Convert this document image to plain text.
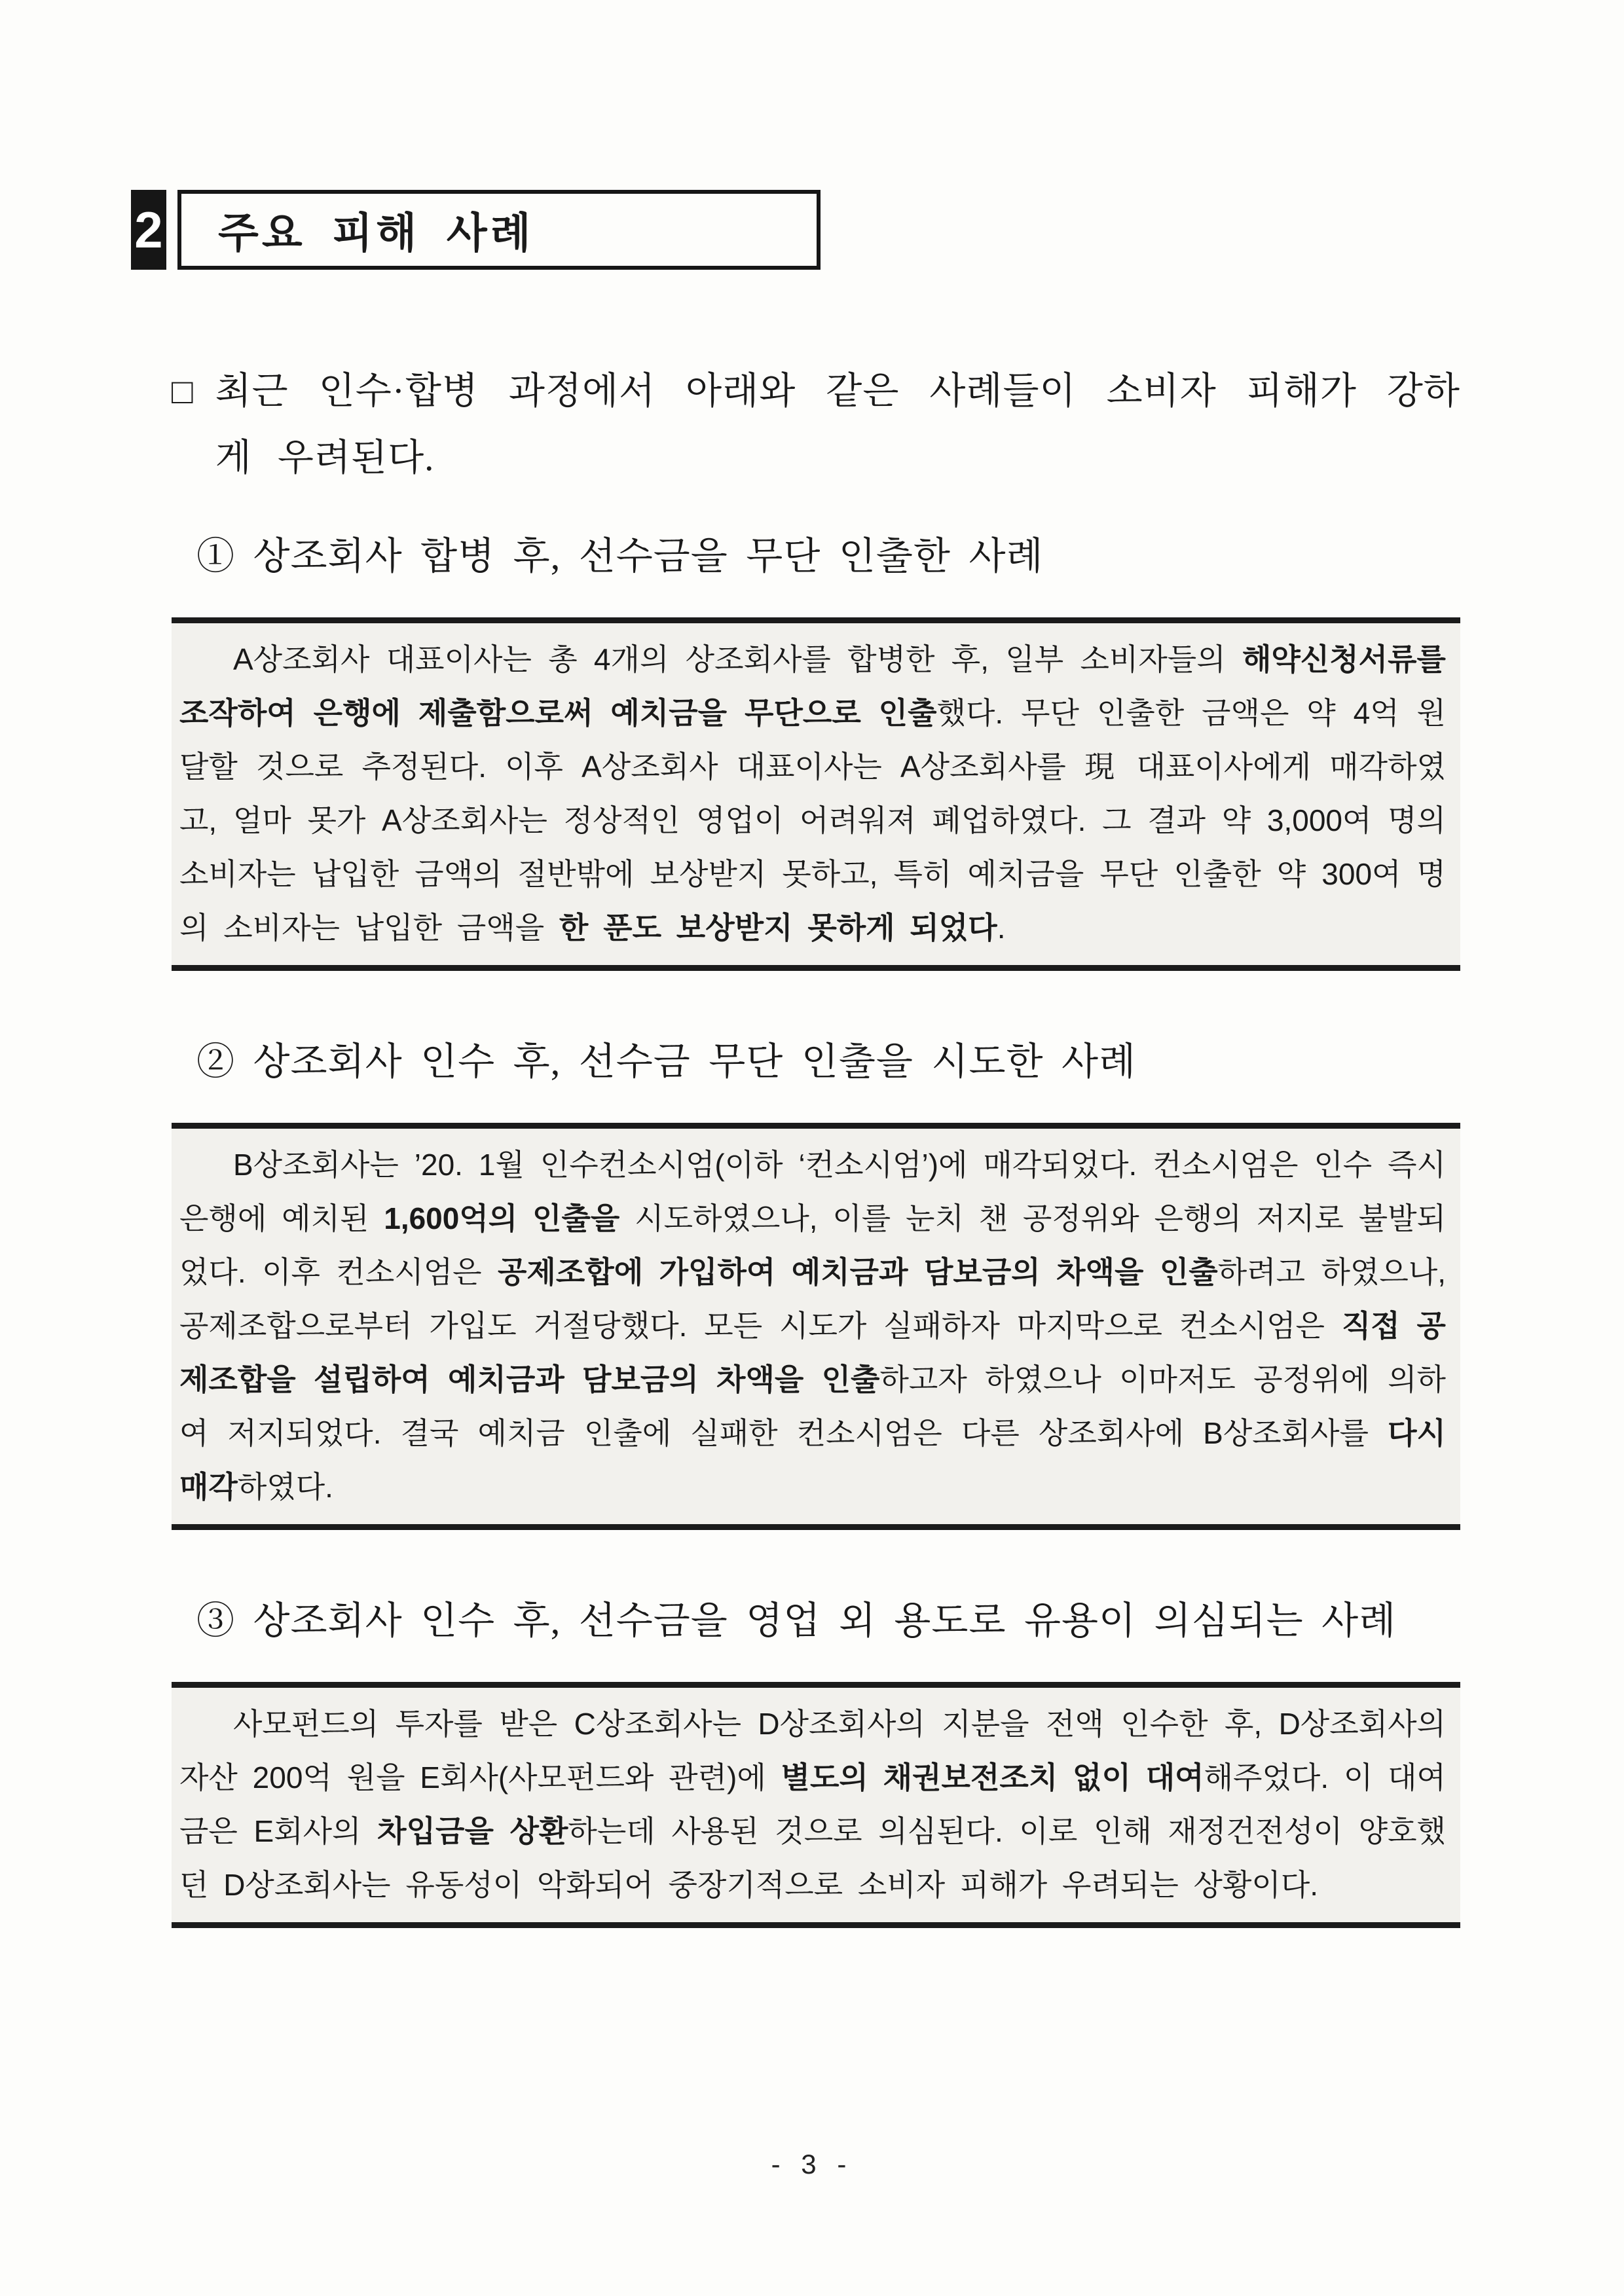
2 주요 피해 사례
□ 최근 인수·합병 과정에서 아래와 같은 사례들이 소비자 피해가 강하게 우려된다.

① 상조회사 합병 후, 선수금을 무단 인출한 사례

A상조회사 대표이사는 총 4개의 상조회사를 합병한 후, 일부 소비자들의 해약신청서류를 조작하여 은행에 제출함으로써 예치금을 무단으로 인출했다. 무단 인출한 금액은 약 4억 원 달할 것으로 추정된다. 이후 A상조회사 대표이사는 A상조회사를 現 대표이사에게 매각하였고, 얼마 못가 A상조회사는 정상적인 영업이 어려워져 폐업하였다. 그 결과 약 3,000여 명의 소비자는 납입한 금액의 절반밖에 보상받지 못하고, 특히 예치금을 무단 인출한 약 300여 명의 소비자는 납입한 금액을 한 푼도 보상받지 못하게 되었다.

② 상조회사 인수 후, 선수금 무단 인출을 시도한 사례

B상조회사는 ’20. 1월 인수컨소시엄(이하 ‘컨소시엄’)에 매각되었다. 컨소시엄은 인수 즉시 은행에 예치된 1,600억의 인출을 시도하였으나, 이를 눈치 챈 공정위와 은행의 저지로 불발되었다. 이후 컨소시엄은 공제조합에 가입하여 예치금과 담보금의 차액을 인출하려고 하였으나, 공제조합으로부터 가입도 거절당했다. 모든 시도가 실패하자 마지막으로 컨소시엄은 직접 공제조합을 설립하여 예치금과 담보금의 차액을 인출하고자 하였으나 이마저도 공정위에 의하여 저지되었다. 결국 예치금 인출에 실패한 컨소시엄은 다른 상조회사에 B상조회사를 다시 매각하였다.

③ 상조회사 인수 후, 선수금을 영업 외 용도로 유용이 의심되는 사례

사모펀드의 투자를 받은 C상조회사는 D상조회사의 지분을 전액 인수한 후, D상조회사의 자산 200억 원을 E회사(사모펀드와 관련)에 별도의 채권보전조치 없이 대여해주었다. 이 대여금은 E회사의 차입금을 상환하는데 사용된 것으로 의심된다. 이로 인해 재정건전성이 양호했던 D상조회사는 유동성이 악화되어 중장기적으로 소비자 피해가 우려되는 상황이다.

- 3 -
